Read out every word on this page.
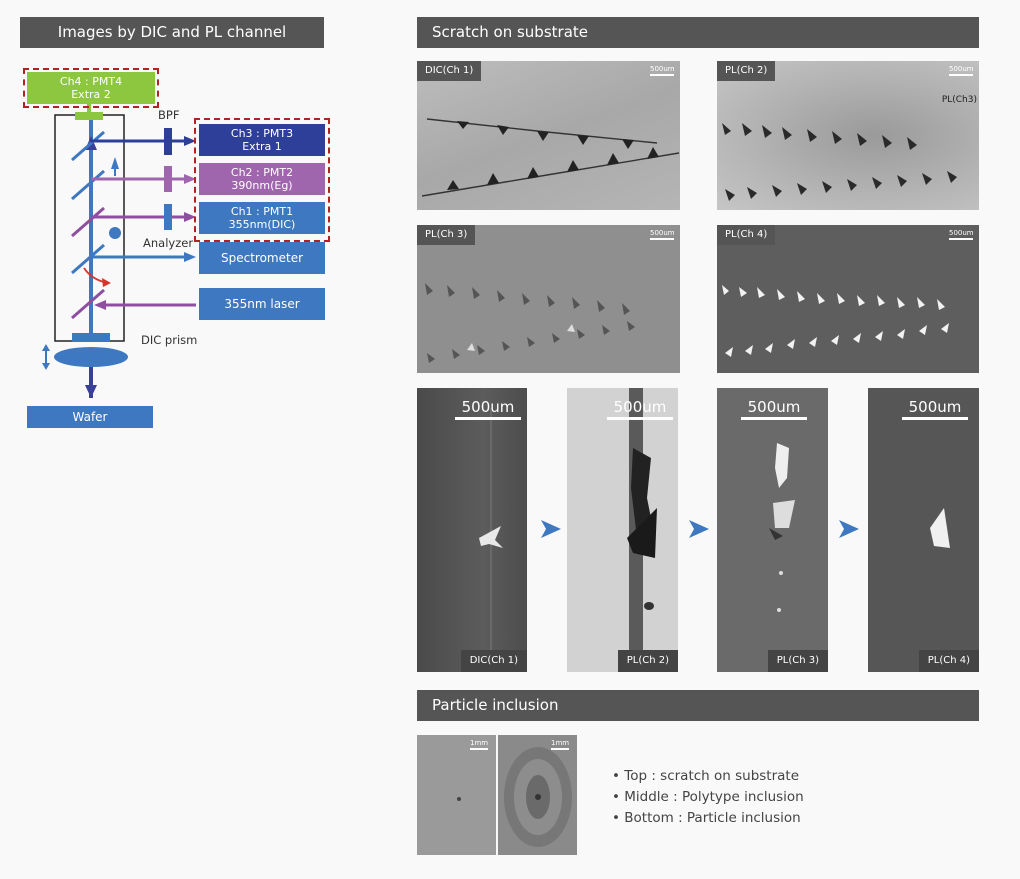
Images by DIC and PL channel
Ch4 : PMT4
Extra 2
Ch3 : PMT3
Extra 1
Ch2 : PMT2
390nm(Eg)
Ch1 : PMT1
355nm(DIC)
Spectrometer
355nm laser
Wafer
BPF
Analyzer
DIC prism
Scratch on substrate
DIC(Ch 1)	500um	PL(Ch 2)
PL(Ch3)
500um
PL(Ch 3)	500um	PL(Ch 4)	500um
500um
DIC(Ch 1)
500um
PL(Ch 2)
500um
PL(Ch 3)
500um
PL(Ch 4)
Particle inclusion
1mm	1mm
• Top : scratch on substrate
• Middle : Polytype inclusion
• Bottom : Particle inclusion
